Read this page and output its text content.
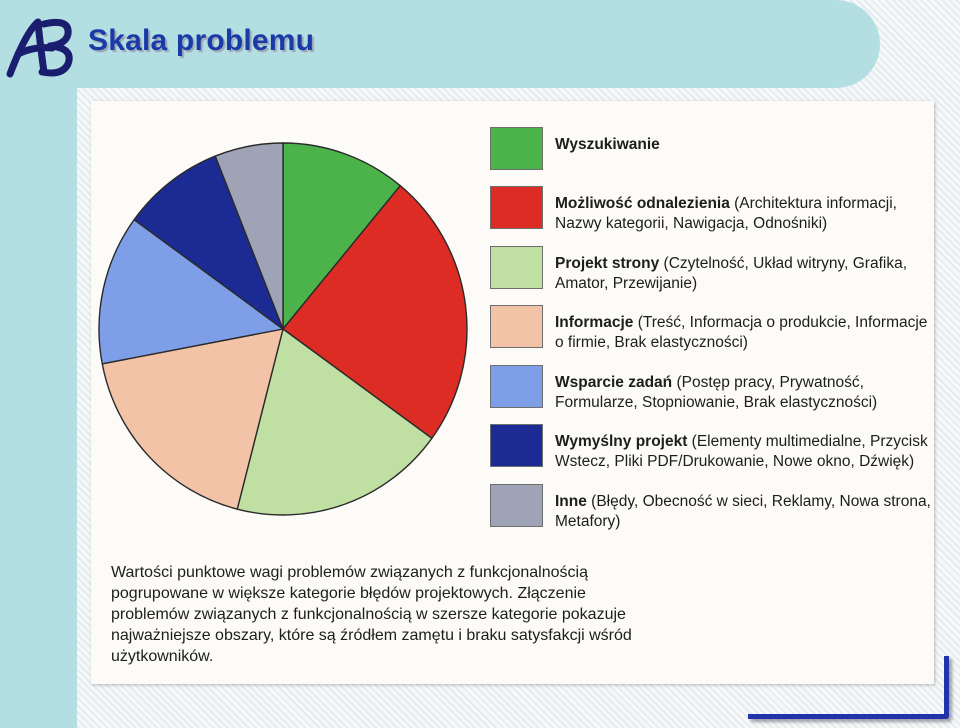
Skala problemu
Wyszukiwanie
Możliwość odnalezienia (Architektura informacji, Nazwy kategorii, Nawigacja, Odnośniki)
Projekt strony (Czytelność, Układ witryny, Grafika, Amator, Przewijanie)
Informacje (Treść, Informacja o produkcie, Informacje o firmie, Brak elastyczności)
Wsparcie zadań (Postęp pracy, Prywatność, Formularze, Stopniowanie, Brak elastyczności)
Wymyślny projekt (Elementy multimedialne, Przycisk Wstecz, Pliki PDF/Drukowanie, Nowe okno, Dźwięk)
Inne (Błędy, Obecność w sieci, Reklamy, Nowa strona, Metafory)

Wartości punktowe wagi problemów związanych z funkcjonalnością pogrupowane w większe kategorie błędów projektowych. Złączenie problemów związanych z funkcjonalnością w szersze kategorie pokazuje najważniejsze obszary, które są źródłem zamętu i braku satysfakcji wśród użytkowników.
